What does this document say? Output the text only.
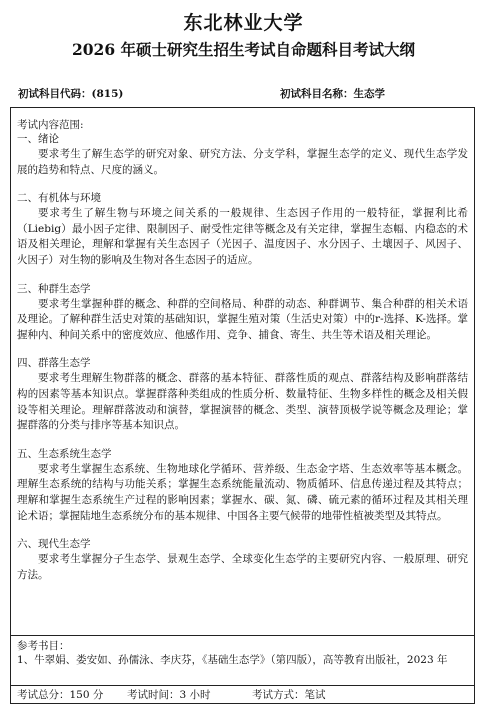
东北林业大学
2026 年硕士研究生招生考试自命题科目考试大纲
初试科目代码：(815)	初试科目名称：生态学

考试内容范围:

一、绪论

要求考生了解生态学的研究对象、研究方法、分支学科，掌握生态学的定义、现代生态学发展的趋势和特点、尺度的涵义。

二、有机体与环境

要求考生了解生物与环境之间关系的一般规律、生态因子作用的一般特征，掌握利比希（Liebig）最小因子定律、限制因子、耐受性定律等概念及有关定律，掌握生态幅、内稳态的术语及相关理论，理解和掌握有关生态因子（光因子、温度因子、水分因子、土壤因子、风因子、火因子）对生物的影响及生物对各生态因子的适应。

三、种群生态学

要求考生掌握种群的概念、种群的空间格局、种群的动态、种群调节、集合种群的相关术语及理论。了解种群生活史对策的基础知识，掌握生殖对策（生活史对策）中的r-选择、K-选择。掌握种内、种间关系中的密度效应、他感作用、竞争、捕食、寄生、共生等术语及相关理论。

四、群落生态学

要求考生理解生物群落的概念、群落的基本特征、群落性质的观点、群落结构及影响群落结构的因素等基本知识点。掌握群落种类组成的性质分析、数量特征、生物多样性的概念及相关假设等相关理论。理解群落波动和演替，掌握演替的概念、类型、演替顶极学说等概念及理论；掌握群落的分类与排序等基本知识点。

五、生态系统生态学

要求考生掌握生态系统、生物地球化学循环、营养级、生态金字塔、生态效率等基本概念。理解生态系统的结构与功能关系；掌握生态系统能量流动、物质循环、信息传递过程及其特点；理解和掌握生态系统生产过程的影响因素；掌握水、碳、氮、磷、硫元素的循环过程及其相关理论术语；掌握陆地生态系统分布的基本规律、中国各主要气候带的地带性植被类型及其特点。

六、现代生态学

要求考生掌握分子生态学、景观生态学、全球变化生态学的主要研究内容、一般原理、研究方法。

参考书目：

1、牛翠娟、娄安如、孙儒泳、李庆芬，《基础生态学》（第四版），高等教育出版社，2023 年

考试总分：150 分 考试时间：3 小时	考试方式：笔试
